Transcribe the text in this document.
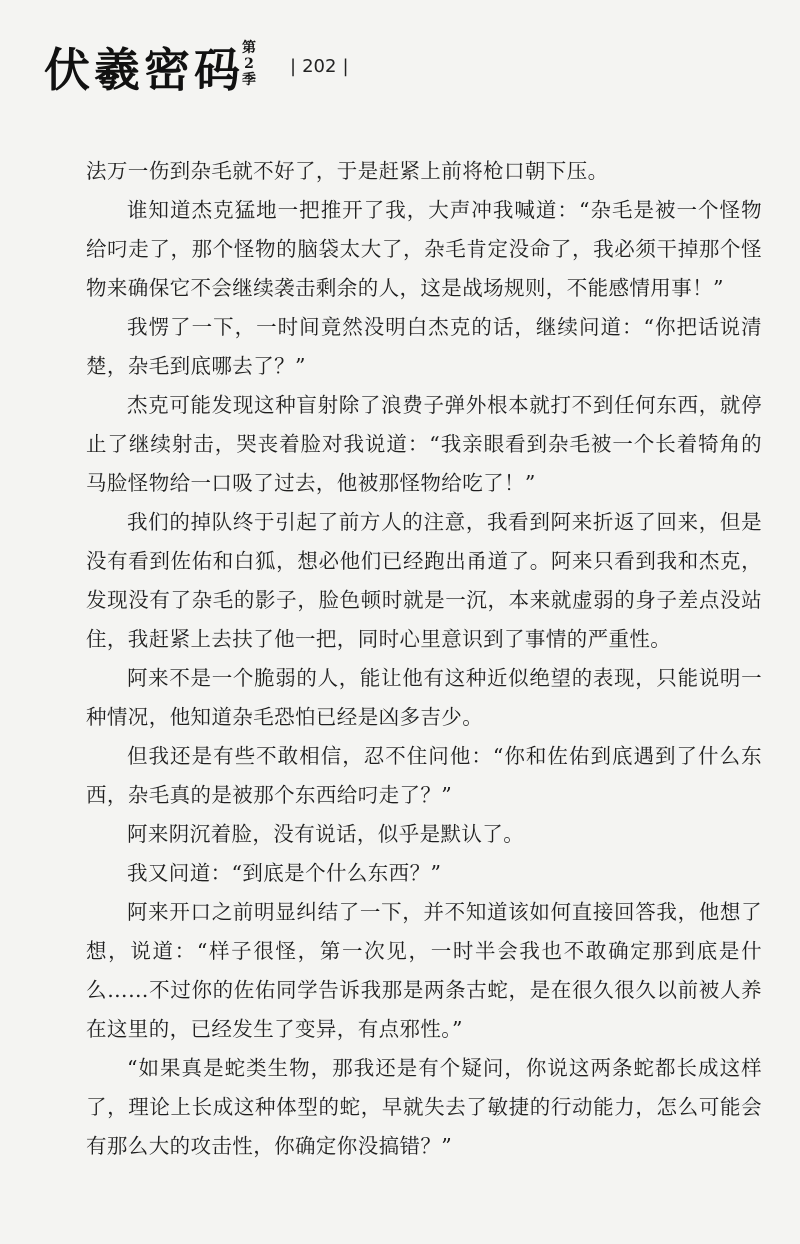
伏羲密码
第
2
季
| 202 |

法万一伤到杂毛就不好了，于是赶紧上前将枪口朝下压。

谁知道杰克猛地一把推开了我，大声冲我喊道：“杂毛是被一个怪物给叼走了，那个怪物的脑袋太大了，杂毛肯定没命了，我必须干掉那个怪物来确保它不会继续袭击剩余的人，这是战场规则，不能感情用事！”

我愣了一下，一时间竟然没明白杰克的话，继续问道：“你把话说清楚，杂毛到底哪去了？”

杰克可能发现这种盲射除了浪费子弹外根本就打不到任何东西，就停止了继续射击，哭丧着脸对我说道：“我亲眼看到杂毛被一个长着犄角的马脸怪物给一口吸了过去，他被那怪物给吃了！”

我们的掉队终于引起了前方人的注意，我看到阿来折返了回来，但是没有看到佐佑和白狐，想必他们已经跑出甬道了。阿来只看到我和杰克，发现没有了杂毛的影子，脸色顿时就是一沉，本来就虚弱的身子差点没站住，我赶紧上去扶了他一把，同时心里意识到了事情的严重性。

阿来不是一个脆弱的人，能让他有这种近似绝望的表现，只能说明一种情况，他知道杂毛恐怕已经是凶多吉少。

但我还是有些不敢相信，忍不住问他：“你和佐佑到底遇到了什么东西，杂毛真的是被那个东西给叼走了？”

阿来阴沉着脸，没有说话，似乎是默认了。

我又问道：“到底是个什么东西？”

阿来开口之前明显纠结了一下，并不知道该如何直接回答我，他想了想，说道：“样子很怪，第一次见，一时半会我也不敢确定那到底是什么……不过你的佐佑同学告诉我那是两条古蛇，是在很久很久以前被人养在这里的，已经发生了变异，有点邪性。”

“如果真是蛇类生物，那我还是有个疑问，你说这两条蛇都长成这样了，理论上长成这种体型的蛇，早就失去了敏捷的行动能力，怎么可能会有那么大的攻击性，你确定你没搞错？”
